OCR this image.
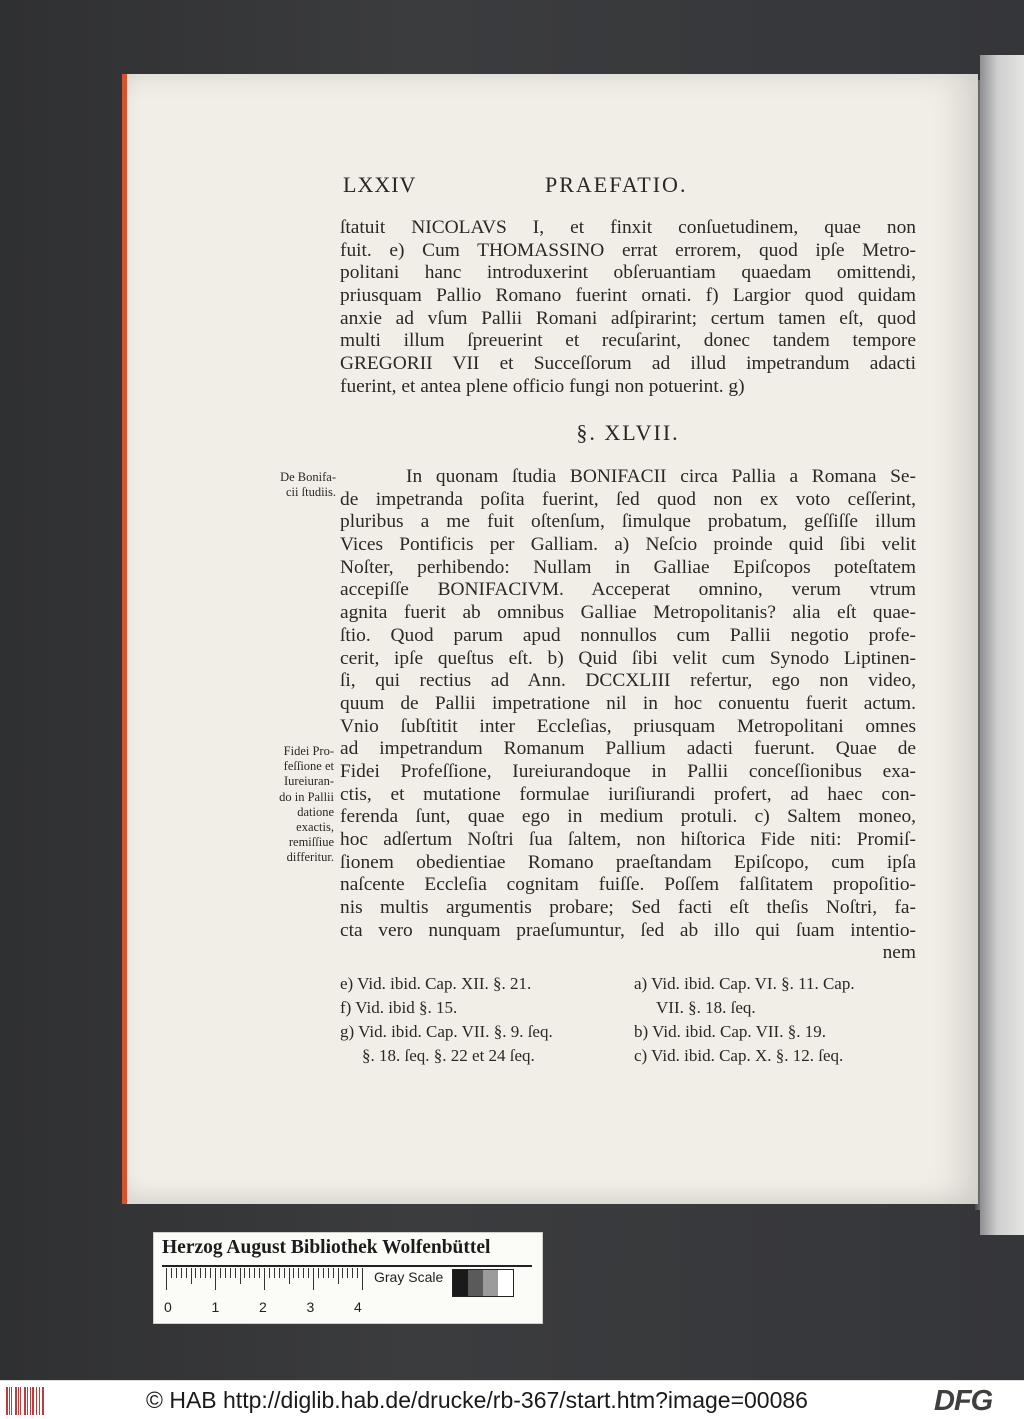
LXXIV	PRAEFATIO.
ſtatuit NICOLAVS I, et finxit conſuetudinem, quae non
fuit. e) Cum THOMASSINO errat errorem, quod ipſe Metro-
politani hanc introduxerint obſeruantiam quaedam omittendi,
priusquam Pallio Romano fuerint ornati. f) Largior quod quidam
anxie ad vſum Pallii Romani adſpirarint; certum tamen eſt, quod
multi illum ſpreuerint et recuſarint, donec tandem tempore
GREGORII VII et Succeſſorum ad illud impetrandum adacti
fuerint, et antea plene officio fungi non potuerint. g)
§. XLVII.
In quonam ſtudia BONIFACII circa Pallia a Romana Se-
de impetranda poſita fuerint, ſed quod non ex voto ceſſerint,
pluribus a me fuit oſtenſum, ſimulque probatum, geſſiſſe illum
Vices Pontificis per Galliam. a) Neſcio proinde quid ſibi velit
Noſter, perhibendo: Nullam in Galliae Epiſcopos poteſtatem
accepiſſe BONIFACIVM. Acceperat omnino, verum vtrum
agnita fuerit ab omnibus Galliae Metropolitanis? alia eſt quae-
ſtio. Quod parum apud nonnullos cum Pallii negotio profe-
cerit, ipſe queſtus eſt. b) Quid ſibi velit cum Synodo Liptinen-
ſi, qui rectius ad Ann. DCCXLIII refertur, ego non video,
quum de Pallii impetratione nil in hoc conuentu fuerit actum.
Vnio ſubſtitit inter Eccleſias, priusquam Metropolitani omnes
ad impetrandum Romanum Pallium adacti fuerunt. Quae de
Fidei Profeſſione, Iureiurandoque in Pallii conceſſionibus exa-
ctis, et mutatione formulae iuriſiurandi profert, ad haec con-
ferenda ſunt, quae ego in medium protuli. c) Saltem moneo,
hoc adſertum Noſtri ſua ſaltem, non hiſtorica Fide niti: Promiſ-
ſionem obedientiae Romano praeſtandam Epiſcopo, cum ipſa
naſcente Eccleſia cognitam fuiſſe. Poſſem falſitatem propoſitio-
nis multis argumentis probare; Sed facti eſt theſis Noſtri, fa-
cta vero nunquam praeſumuntur, ſed ab illo qui ſuam intentio-
nem
De Bonifa-
cii ſtudiis.
Fidei Pro-
feſſione et
Iureiuran-
do in Pallii
datione
exactis,
remiſſiue
differitur.
e) Vid. ibid. Cap. XII. §. 21.
f) Vid. ibid §. 15.
g) Vid. ibid. Cap. VII. §. 9. ſeq.
§. 18. ſeq. §. 22 et 24 ſeq.
a) Vid. ibid. Cap. VI. §. 11. Cap.
VII. §. 18. ſeq.
b) Vid. ibid. Cap. VII. §. 19.
c) Vid. ibid. Cap. X. §. 12. ſeq.
Herzog August Bibliothek Wolfenbüttel
0	1	2	3	4
Gray Scale
© HAB http://diglib.hab.de/drucke/rb-367/start.htm?image=00086	DFG
